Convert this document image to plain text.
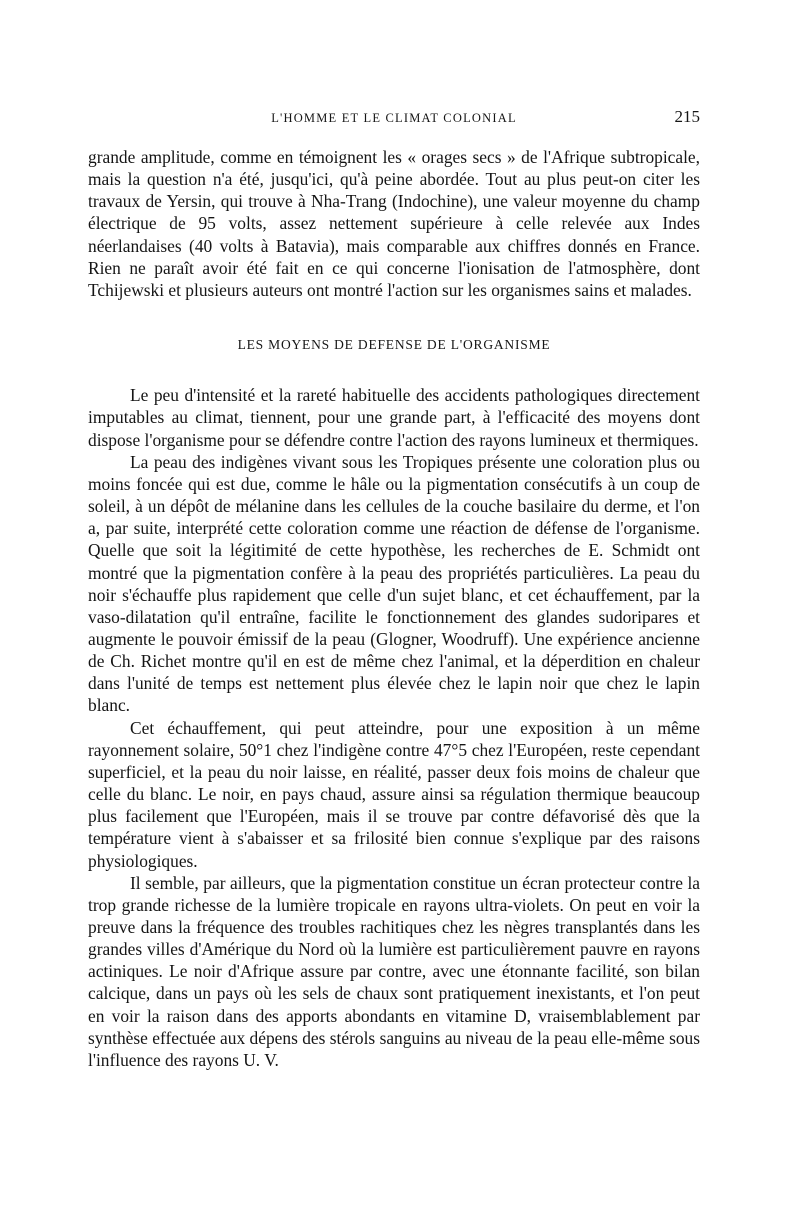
L'HOMME ET LE CLIMAT COLONIAL	215

grande amplitude, comme en témoignent les « orages secs » de l'Afrique subtropicale, mais la question n'a été, jusqu'ici, qu'à peine abordée. Tout au plus peut-on citer les travaux de Yersin, qui trouve à Nha-Trang (Indochine), une valeur moyenne du champ électrique de 95 volts, assez nettement supérieure à celle relevée aux Indes néerlandaises (40 volts à Batavia), mais comparable aux chiffres donnés en France. Rien ne paraît avoir été fait en ce qui concerne l'ionisation de l'atmosphère, dont Tchijewski et plusieurs auteurs ont montré l'action sur les organismes sains et malades.

LES MOYENS DE DEFENSE DE L'ORGANISME

Le peu d'intensité et la rareté habituelle des accidents pathologiques directement imputables au climat, tiennent, pour une grande part, à l'efficacité des moyens dont dispose l'organisme pour se défendre contre l'action des rayons lumineux et thermiques.

La peau des indigènes vivant sous les Tropiques présente une coloration plus ou moins foncée qui est due, comme le hâle ou la pigmentation consécutifs à un coup de soleil, à un dépôt de mélanine dans les cellules de la couche basilaire du derme, et l'on a, par suite, interprété cette coloration comme une réaction de défense de l'organisme. Quelle que soit la légitimité de cette hypothèse, les recherches de E. Schmidt ont montré que la pigmentation confère à la peau des propriétés particulières. La peau du noir s'échauffe plus rapidement que celle d'un sujet blanc, et cet échauffement, par la vaso-dilatation qu'il entraîne, facilite le fonctionnement des glandes sudoripares et augmente le pouvoir émissif de la peau (Glogner, Woodruff). Une expérience ancienne de Ch. Richet montre qu'il en est de même chez l'animal, et la déperdition en chaleur dans l'unité de temps est nettement plus élevée chez le lapin noir que chez le lapin blanc.

Cet échauffement, qui peut atteindre, pour une exposition à un même rayonnement solaire, 50°1 chez l'indigène contre 47°5 chez l'Européen, reste cependant superficiel, et la peau du noir laisse, en réalité, passer deux fois moins de chaleur que celle du blanc. Le noir, en pays chaud, assure ainsi sa régulation thermique beaucoup plus facilement que l'Européen, mais il se trouve par contre défavorisé dès que la température vient à s'abaisser et sa frilosité bien connue s'explique par des raisons physiologiques.

Il semble, par ailleurs, que la pigmentation constitue un écran protecteur contre la trop grande richesse de la lumière tropicale en rayons ultra-violets. On peut en voir la preuve dans la fréquence des troubles rachitiques chez les nègres transplantés dans les grandes villes d'Amérique du Nord où la lumière est particulièrement pauvre en rayons actiniques. Le noir d'Afrique assure par contre, avec une étonnante facilité, son bilan calcique, dans un pays où les sels de chaux sont pratiquement inexistants, et l'on peut en voir la raison dans des apports abondants en vitamine D, vraisemblablement par synthèse effectuée aux dépens des stérols sanguins au niveau de la peau elle-même sous l'influence des rayons U. V.
